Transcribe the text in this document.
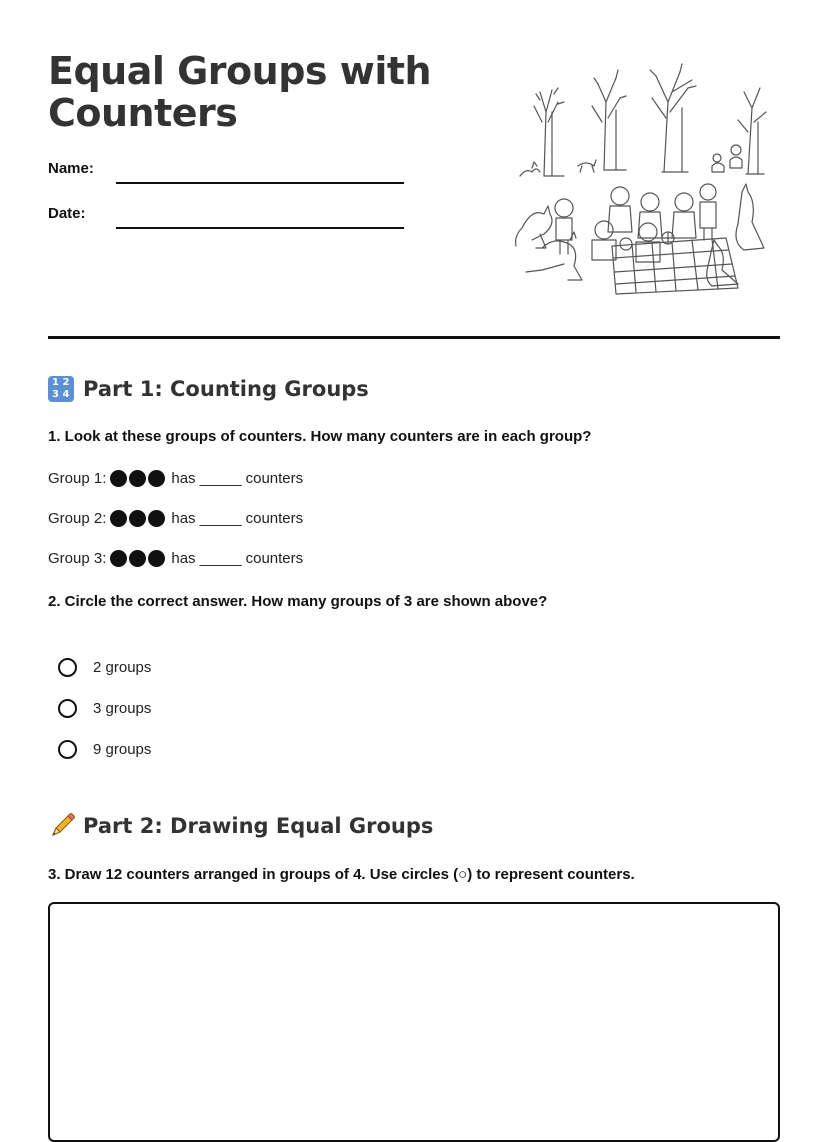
Equal Groups with Counters
Name:
Date:
1 2
3 4 Part 1: Counting Groups

1. Look at these groups of counters. How many counters are in each group?

Group 1:	has _____ counters
Group 2:	has _____ counters
Group 3:	has _____ counters

2. Circle the correct answer. How many groups of 3 are shown above?

2 groups
3 groups
9 groups
Part 2: Drawing Equal Groups

3. Draw 12 counters arranged in groups of 4. Use circles (○) to represent counters.
